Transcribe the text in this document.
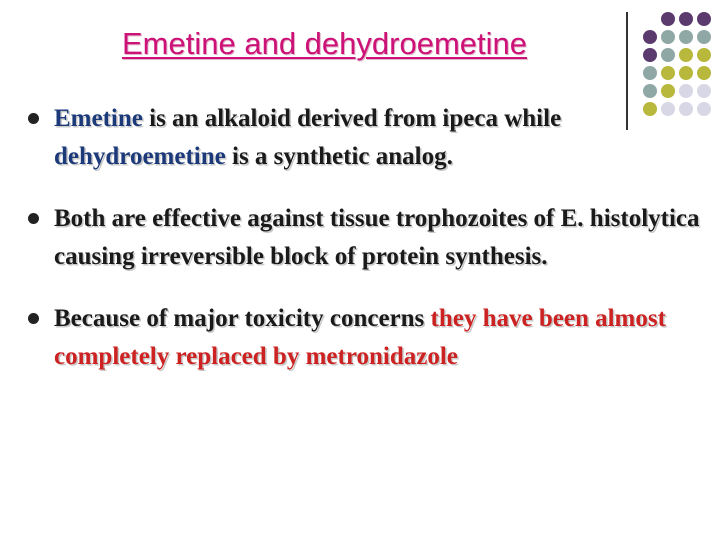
Emetine and dehydroemetine
Emetine is an alkaloid derived from ipeca while dehydroemetine is a synthetic analog.
Both are effective against tissue trophozoites of E. histolytica causing irreversible block of protein synthesis.
Because of major toxicity concerns they have been almost completely replaced by metronidazole
